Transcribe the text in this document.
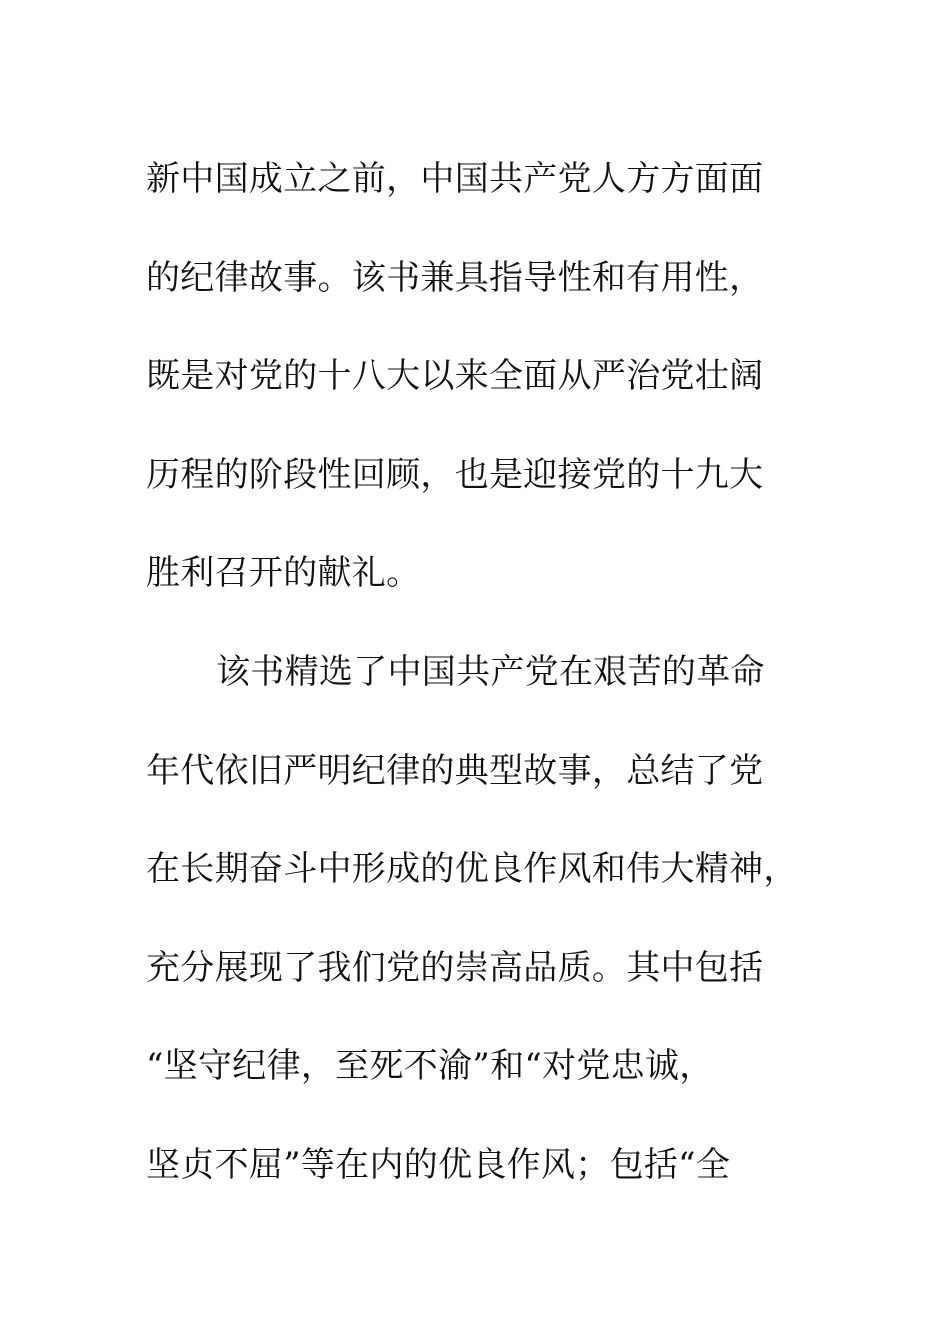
新中国成立之前，中国共产党人方方面面
的纪律故事。该书兼具指导性和有用性，
既是对党的十八大以来全面从严治党壮阔
历程的阶段性回顾，也是迎接党的十九大
胜利召开的献礼。
该书精选了中国共产党在艰苦的革命
年代依旧严明纪律的典型故事，总结了党
在长期奋斗中形成的优良作风和伟大精神，
充分展现了我们党的崇高品质。其中包括
“坚守纪律，至死不渝”和“对党忠诚，
坚贞不屈”等在内的优良作风；包括“全
